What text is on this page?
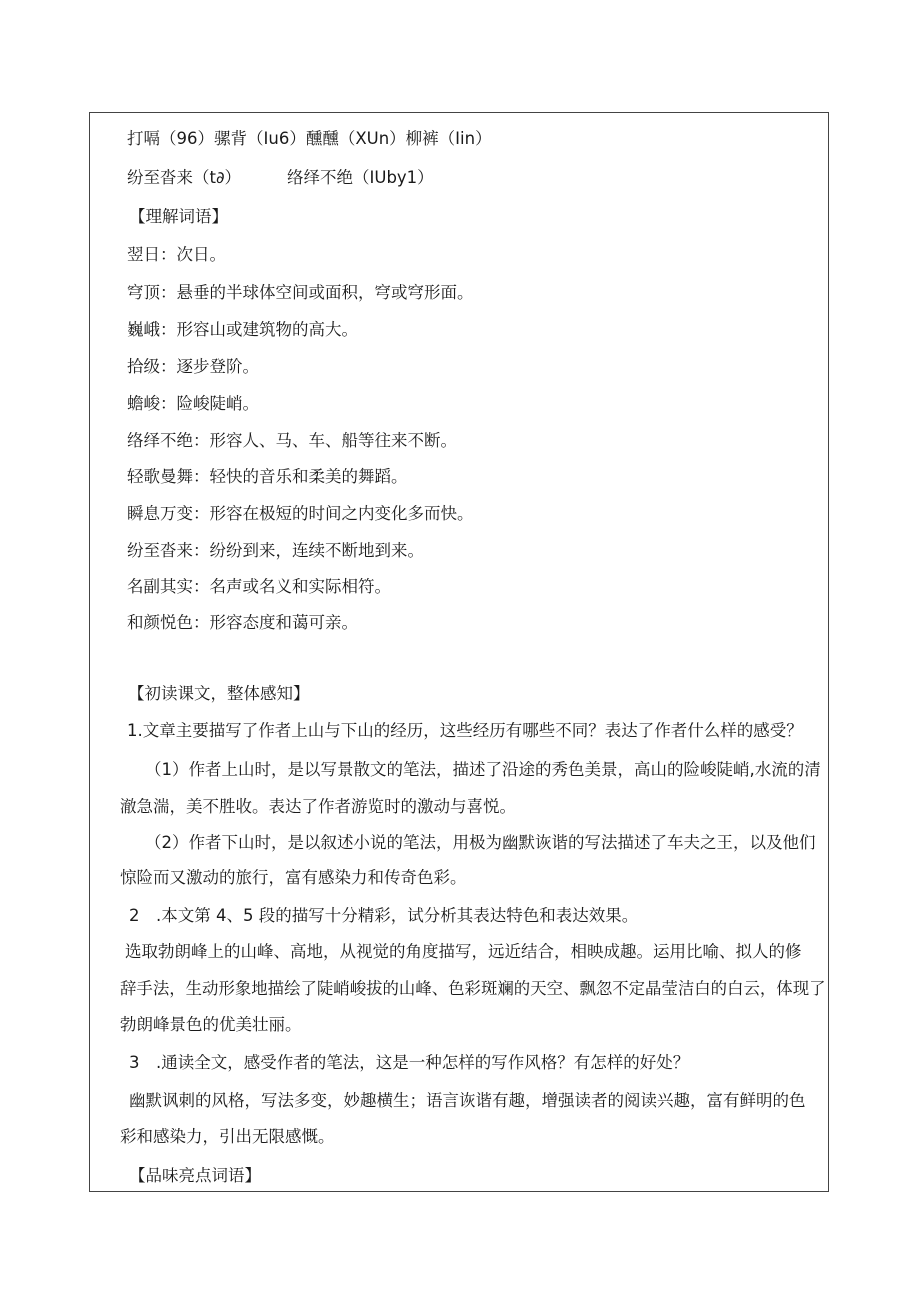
打嗝（96）骡背（Iu6）醺醺（XUn）柳裤（Iin）
纷至沓来（t∂）	络绎不绝（IUby1）
【理解词语】
翌日：次日。
穹顶：悬垂的半球体空间或面积，穹或穹形面。
巍峨：形容山或建筑物的高大。
拾级：逐步登阶。
蟾峻：险峻陡峭。
络绎不绝：形容人、马、车、船等往来不断。
轻歌曼舞：轻快的音乐和柔美的舞蹈。
瞬息万变：形容在极短的时间之内变化多而快。
纷至沓来：纷纷到来，连续不断地到来。
名副其实：名声或名义和实际相符。
和颜悦色：形容态度和蔼可亲。
【初读课文，整体感知】
1.文章主要描写了作者上山与下山的经历，这些经历有哪些不同？表达了作者什么样的感受？
（1）作者上山时，是以写景散文的笔法，描述了沿途的秀色美景，高山的险峻陡峭,水流的清
澈急湍，美不胜收。表达了作者游览时的激动与喜悦。
（2）作者下山时，是以叙述小说的笔法，用极为幽默诙谐的写法描述了车夫之王，以及他们
惊险而又激动的旅行，富有感染力和传奇色彩。
2　.本文第 4、5 段的描写十分精彩，试分析其表达特色和表达效果。
选取勃朗峰上的山峰、高地，从视觉的角度描写，远近结合，相映成趣。运用比喻、拟人的修
辞手法，生动形象地描绘了陡峭峻拔的山峰、色彩斑斓的天空、飘忽不定晶莹洁白的白云，体现了
勃朗峰景色的优美壮丽。
3　.通读全文，感受作者的笔法，这是一种怎样的写作风格？有怎样的好处？
幽默讽刺的风格，写法多变，妙趣横生；语言诙谐有趣，增强读者的阅读兴趣，富有鲜明的色
彩和感染力，引出无限感慨。
【品味亮点词语】
